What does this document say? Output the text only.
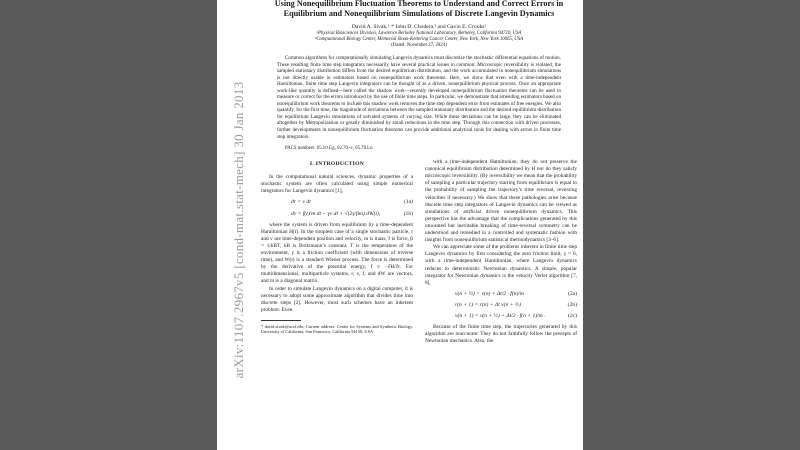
arXiv:1107.2967v5 [cond-mat.stat-mech] 30 Jan 2013
Using Nonequilibrium Fluctuation Theorems to Understand and Correct Errors in Equilibrium and Nonequilibrium Simulations of Discrete Langevin Dynamics
David A. Sivak,¹˒* John D. Chodera,² and Gavin E. Crooks¹
¹Physical Biosciences Division, Lawrence Berkeley National Laboratory, Berkeley, California 94720, USA
²Computational Biology Center, Memorial Sloan-Kettering Cancer Center, New York, New York 10065, USA
(Dated: November 27, 2024)

Common algorithms for computationally simulating Langevin dynamics must discretize the stochastic differential equations of motion. These resulting finite time step integrators necessarily have several practical issues in common: Microscopic reversibility is violated, the sampled stationary distribution differs from the desired equilibrium distribution, and the work accumulated in nonequilibrium simulations is not directly usable in estimators based on nonequilibrium work theorems. Here, we show that even with a time-independent Hamiltonian, finite time step Langevin integrators can be thought of as a driven, nonequilibrium physical process. Once an appropriate work-like quantity is defined—here called the shadow work—recently developed nonequilibrium fluctuation theorems can be used to measure or correct for the errors introduced by the use of finite time steps. In particular, we demonstrate that amending estimators based on nonequilibrium work theorems to include this shadow work removes the time step dependent error from estimates of free energies. We also quantify, for the first time, the magnitude of deviations between the sampled stationary distribution and the desired equilibrium distribution for equilibrium Langevin simulations of solvated systems of varying size. While these deviations can be large, they can be eliminated altogether by Metropolization or greatly diminished by small reductions in the time step. Through this connection with driven processes, further developments in nonequilibrium fluctuation theorems can provide additional analytical tools for dealing with errors in finite time step integrators.

PACS numbers: 05.10.Gg, 02.70.-c, 05.70.Ln
I. INTRODUCTION

In the computational natural sciences, dynamic properties of a stochastic system are often calculated using simple numerical integrators for Langevin dynamics [1],

dr = v dt	(1a)
dv = f(t)/m dt − γv dt + √(2γ/βm) dW(t),	(1b)

where the system is driven from equilibrium by a time-dependent Hamiltonian H(t). In the simplest case of a single stochastic particle, r and v are time-dependent position and velocity, m is mass, f is force, β = 1/kBT, kB is Boltzmann’s constant, T is the temperature of the environment, γ is a friction coefficient (with dimensions of inverse time), and W(t) is a standard Wiener process. The force is determined by the derivative of the potential energy, f ≡ −∂H/∂r. For multidimensional, multiparticle systems, r, v, f, and dW are vectors, and m is a diagonal matrix.

In order to simulate Langevin dynamics on a digital computer, it is necessary to adopt some approximate algorithm that divides time into discrete steps [2]. However, most such schemes have an inherent problem: Even

* david.sivak@ucsf.edu; Current address: Center for Systems and Synthetic Biology, University of California, San Francisco, California 94158, USA

with a time-independent Hamiltonian, they do not preserve the canonical equilibrium distribution determined by H nor do they satisfy microscopic reversibility. (By reversibility we mean that the probability of sampling a particular trajectory starting from equilibrium is equal to the probability of sampling the trajectory’s time reversal, reversing velocities if necessary.) We show that these pathologies arise because discrete time step integrators of Langevin dynamics can be viewed as simulations of artificial driven nonequilibrium dynamics. This perspective has the advantage that the complications generated by this unwanted but inevitable breaking of time-reversal symmetry can be understood and remedied in a controlled and systematic fashion with insights from nonequilibrium statistical thermodynamics [3–6].

We can appreciate some of the problems inherent in finite time step Langevin dynamics by first considering the zero friction limit, γ = 0, with a time-independent Hamiltonian, where Langevin dynamics reduces to deterministic Newtonian dynamics. A simple, popular integrator for Newtonian dynamics is the velocity Verlet algorithm [7, 8],

v(n + ½) = v(n) + Δt/2 · f(n)/m	(2a)
r(n + 1) = r(n) + Δt v(n + ½)	(2b)
v(n + 1) = v(n + ½) + Δt/2 · f(n + 1)/m .	(2c)

Because of the finite time step, the trajectories generated by this algorithm are inaccurate: They do not faithfully follow the precepts of Newtonian mechanics. Also, the
